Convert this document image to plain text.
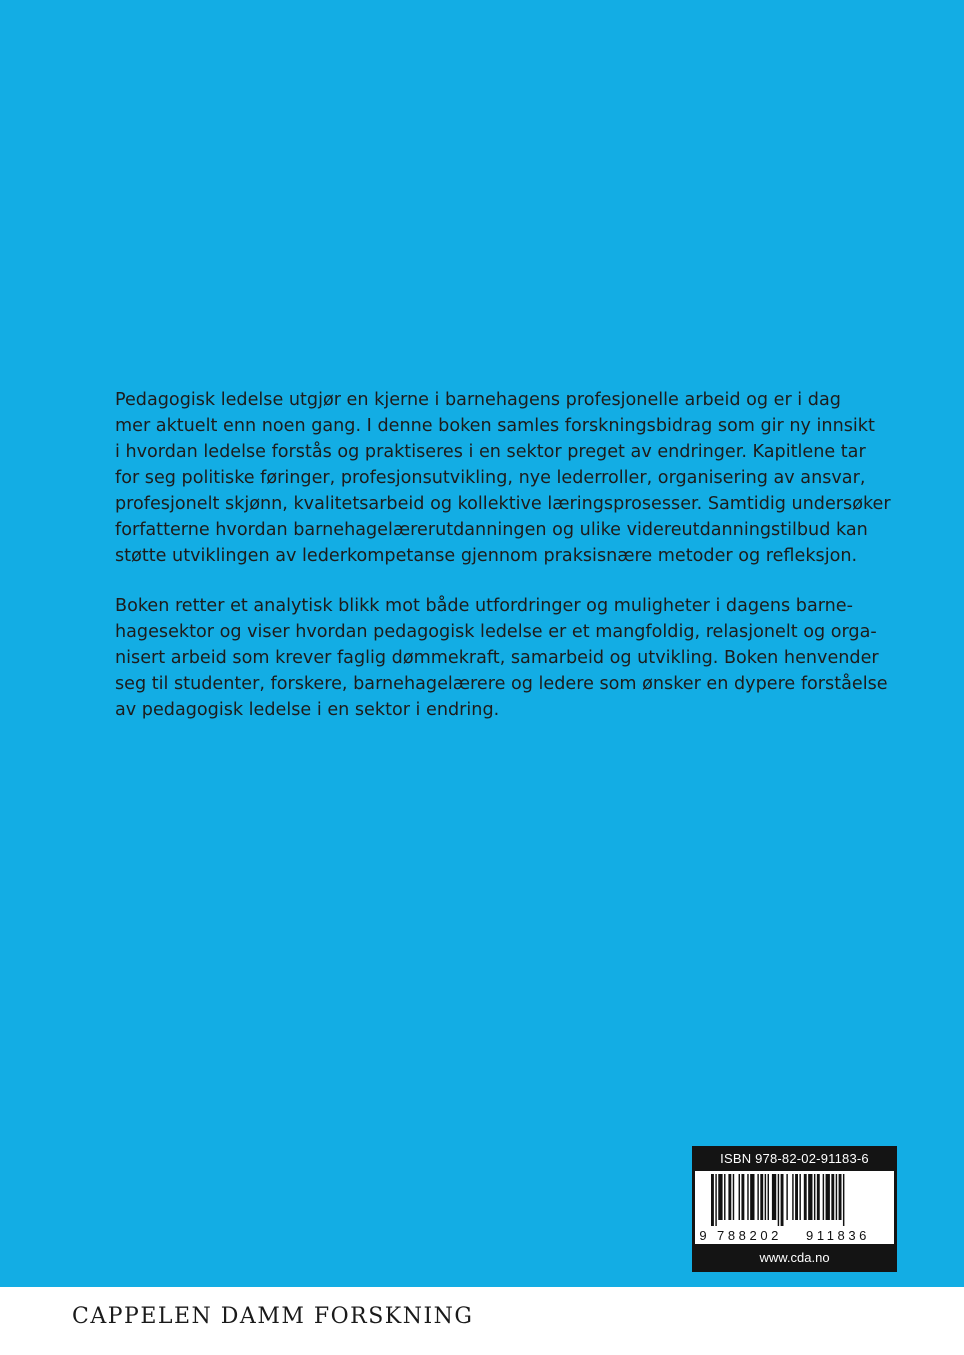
Pedagogisk ledelse utgjør en kjerne i barnehagens profesjonelle arbeid og er i dag
mer aktuelt enn noen gang. I denne boken samles forskningsbidrag som gir ny innsikt
i hvordan ledelse forstås og praktiseres i en sektor preget av endringer. Kapitlene tar
for seg politiske føringer, profesjonsutvikling, nye lederroller, organisering av ansvar,
profesjonelt skjønn, kvalitetsarbeid og kollektive læringsprosesser. Samtidig undersøker
forfatterne hvordan barnehagelærerutdanningen og ulike videreutdanningstilbud kan
støtte utviklingen av lederkompetanse gjennom praksisnære metoder og refleksjon.

Boken retter et analytisk blikk mot både utfordringer og muligheter i dagens barne-
hagesektor og viser hvordan pedagogisk ledelse er et mangfoldig, relasjonelt og orga-
nisert arbeid som krever faglig dømmekraft, samarbeid og utvikling. Boken henvender
seg til studenter, forskere, barnehagelærere og ledere som ønsker en dypere forståelse
av pedagogisk ledelse i en sektor i endring.

ISBN 978-82-02-91183-6
9 788202 911836
www.cda.no
CAPPELEN DAMM FORSKNING
